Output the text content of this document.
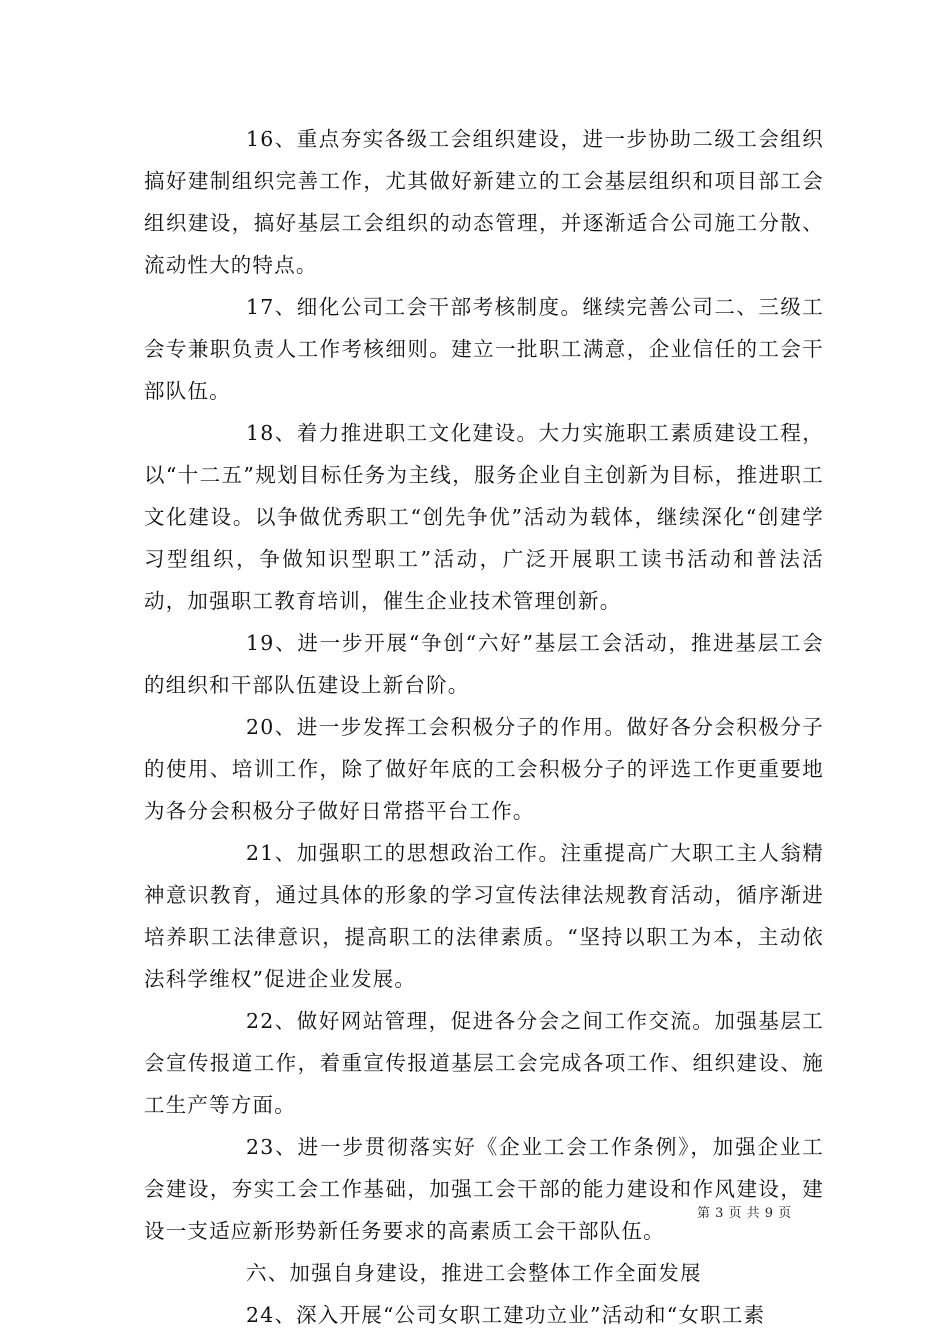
16、重点夯实各级工会组织建设，进一步协助二级工会组织搞好建制组织完善工作，尤其做好新建立的工会基层组织和项目部工会组织建设，搞好基层工会组织的动态管理，并逐渐适合公司施工分散、流动性大的特点。

17、细化公司工会干部考核制度。继续完善公司二、三级工会专兼职负责人工作考核细则。建立一批职工满意，企业信任的工会干部队伍。

18、着力推进职工文化建设。大力实施职工素质建设工程，以“十二五”规划目标任务为主线，服务企业自主创新为目标，推进职工文化建设。以争做优秀职工“创先争优”活动为载体，继续深化“创建学习型组织，争做知识型职工”活动，广泛开展职工读书活动和普法活动，加强职工教育培训，催生企业技术管理创新。

19、进一步开展“争创“六好”基层工会活动，推进基层工会的组织和干部队伍建设上新台阶。

20、进一步发挥工会积极分子的作用。做好各分会积极分子的使用、培训工作，除了做好年底的工会积极分子的评选工作更重要地为各分会积极分子做好日常搭平台工作。

21、加强职工的思想政治工作。注重提高广大职工主人翁精神意识教育，通过具体的形象的学习宣传法律法规教育活动，循序渐进培养职工法律意识，提高职工的法律素质。“坚持以职工为本，主动依法科学维权”促进企业发展。

22、做好网站管理，促进各分会之间工作交流。加强基层工会宣传报道工作，着重宣传报道基层工会完成各项工作、组织建设、施工生产等方面。

23、进一步贯彻落实好《企业工会工作条例》，加强企业工会建设，夯实工会工作基础，加强工会干部的能力建设和作风建设，建设一支适应新形势新任务要求的高素质工会干部队伍。

六、加强自身建设，推进工会整体工作全面发展

24、深入开展“公司女职工建功立业”活动和“女职工素

第 3 页 共 9 页
